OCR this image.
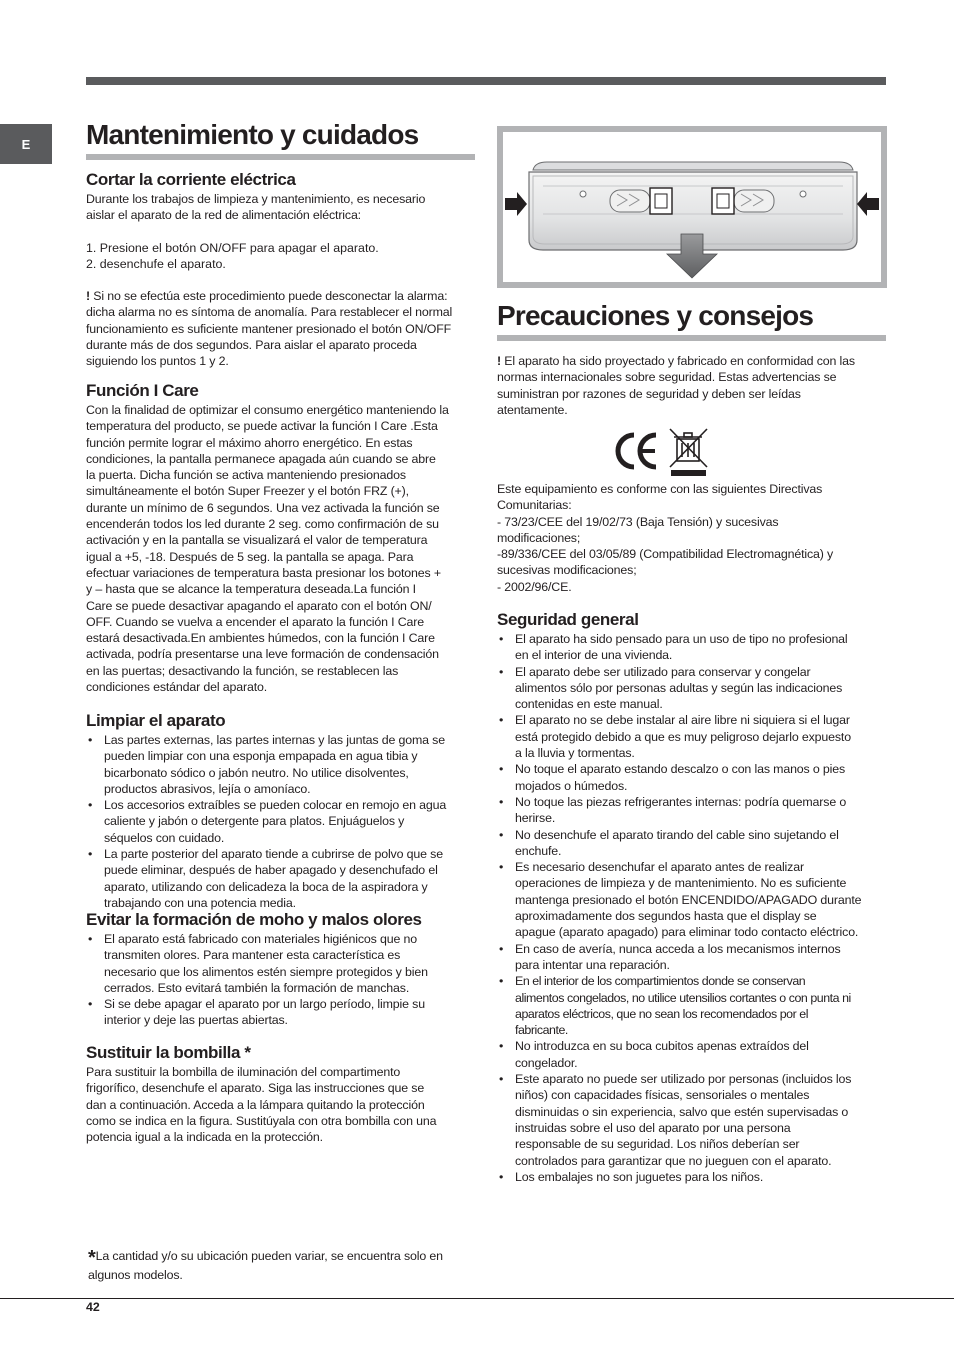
E	Mantenimiento y cuidados
Cortar la corriente eléctrica

Durante los trabajos de limpieza y mantenimiento, es necesario
aislar el aparato de la red de alimentación eléctrica:

1. Presione el botón ON/OFF para apagar el aparato.
2. desenchufe el aparato.

! Si no se efectúa este procedimiento puede desconectar la alarma:
dicha alarma no es síntoma de anomalía. Para restablecer el normal
funcionamiento es suficiente mantener presionado el botón ON/OFF
durante más de dos segundos. Para aislar el aparato proceda
siguiendo los puntos 1 y 2.

Función I Care

Con la finalidad de optimizar el consumo energético manteniendo la
temperatura del producto, se puede activar la función I Care .Esta
función permite lograr el máximo ahorro energético. En estas
condiciones, la pantalla permanece apagada aún cuando se abre
la puerta. Dicha función se activa manteniendo presionados
simultáneamente el botón Super Freezer y el botón FRZ (+),
durante un mínimo de 6 segundos. Una vez activada la función se
encenderán todos los led durante 2 seg. como confirmación de su
activación y en la pantalla se visualizará el valor de temperatura
igual a +5, -18. Después de 5 seg. la pantalla se apaga. Para
efectuar variaciones de temperatura basta presionar los botones +
y – hasta que se alcance la temperatura deseada.La función I
Care se puede desactivar apagando el aparato con el botón ON/
OFF. Cuando se vuelva a encender el aparato la función I Care
estará desactivada.En ambientes húmedos, con la función I Care
activada, podría presentarse una leve formación de condensación
en las puertas; desactivando la función, se restablecen las
condiciones estándar del aparato.

Limpiar el aparato
• Las partes externas, las partes internas y las juntas de goma se
pueden limpiar con una esponja empapada en agua tibia y
bicarbonato sódico o jabón neutro. No utilice disolventes,
productos abrasivos, lejía o amoníaco.
• Los accesorios extraíbles se pueden colocar en remojo en agua
caliente y jabón o detergente para platos. Enjuáguelos y
séquelos con cuidado.
• La parte posterior del aparato tiende a cubrirse de polvo que se
puede eliminar, después de haber apagado y desenchufado el
aparato, utilizando con delicadeza la boca de la aspiradora y
trabajando con una potencia media.
Evitar la formación de moho y malos olores
• El aparato está fabricado con materiales higiénicos que no
transmiten olores. Para mantener esta característica es
necesario que los alimentos estén siempre protegidos y bien
cerrados. Esto evitará también la formación de manchas.
• Si se debe apagar el aparato por un largo período, limpie su
interior y deje las puertas abiertas.
Sustituir la bombilla *

Para sustituir la bombilla de iluminación del compartimento
frigorífico, desenchufe el aparato. Siga las instrucciones que se
dan a continuación. Acceda a la lámpara quitando la protección
como se indica en la figura. Sustitúyala con otra bombilla con una
potencia igual a la indicada en la protección.

Precauciones y consejos

! El aparato ha sido proyectado y fabricado en conformidad con las
normas internacionales sobre seguridad. Estas advertencias se
suministran por razones de seguridad y deben ser leídas
atentamente.

Este equipamiento es conforme con las siguientes Directivas
Comunitarias:
- 73/23/CEE del 19/02/73 (Baja Tensión) y sucesivas
modificaciones;
-89/336/CEE del 03/05/89 (Compatibilidad Electromagnética) y
sucesivas modificaciones;
- 2002/96/CE.

Seguridad general
• El aparato ha sido pensado para un uso de tipo no profesional
en el interior de una vivienda.
• El aparato debe ser utilizado para conservar y congelar
alimentos sólo por personas adultas y según las indicaciones
contenidas en este manual.
• El aparato no se debe instalar al aire libre ni siquiera si el lugar
está protegido debido a que es muy peligroso dejarlo expuesto
a la lluvia y tormentas.
• No toque el aparato estando descalzo o con las manos o pies
mojados o húmedos.
• No toque las piezas refrigerantes internas: podría quemarse o
herirse.
• No desenchufe el aparato tirando del cable sino sujetando el
enchufe.
• Es necesario desenchufar el aparato antes de realizar
operaciones de limpieza y de mantenimiento. No es suficiente
mantenga presionado el botón ENCENDIDO/APAGADO durante
aproximadamente dos segundos hasta que el display se
apague (aparato apagado) para eliminar todo contacto eléctrico.
• En caso de avería, nunca acceda a los mecanismos internos
para intentar una reparación.
• En el interior de los compartimientos donde se conservan
alimentos congelados, no utilice utensilios cortantes o con punta ni
aparatos eléctricos, que no sean los recomendados por el
fabricante.
• No introduzca en su boca cubitos apenas extraídos del
congelador.
• Este aparato no puede ser utilizado por personas (incluidos los
niños) con capacidades físicas, sensoriales o mentales
disminuidas o sin experiencia, salvo que estén supervisadas o
instruidas sobre el uso del aparato por una persona
responsable de su seguridad. Los niños deberían ser
controlados para garantizar que no jueguen con el aparato.
• Los embalajes no son juguetes para los niños.
*La cantidad y/o su ubicación pueden variar, se encuentra solo en
algunos modelos.
42
